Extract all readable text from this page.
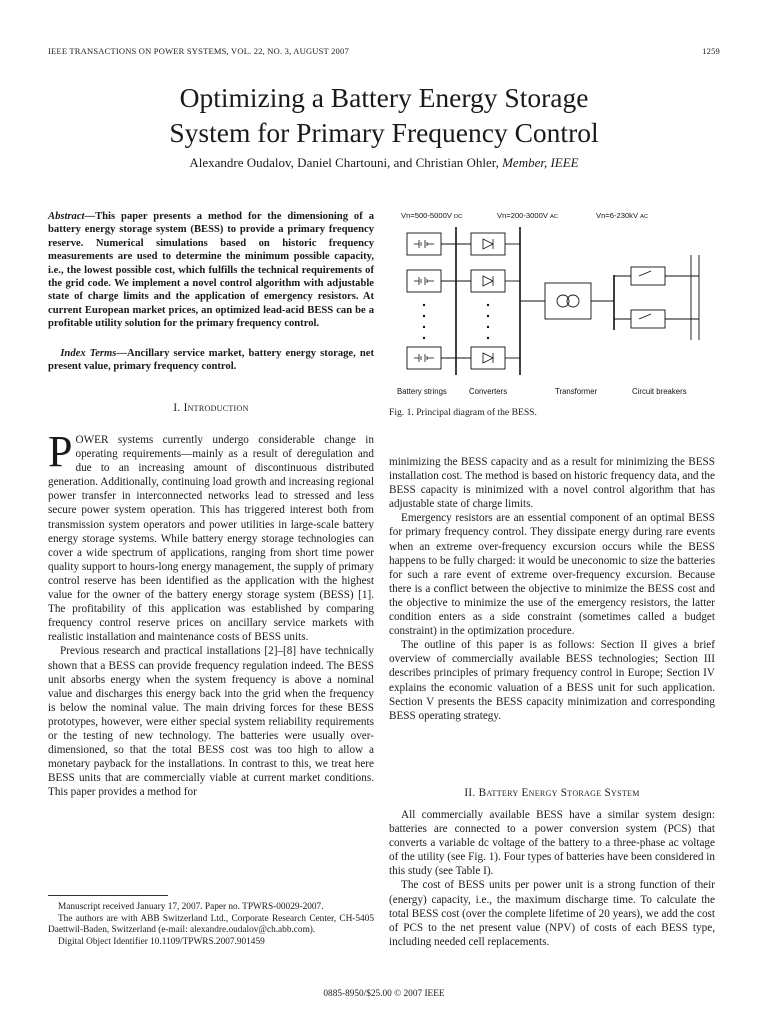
IEEE TRANSACTIONS ON POWER SYSTEMS, VOL. 22, NO. 3, AUGUST 2007	1259
Optimizing a Battery Energy Storage
System for Primary Frequency Control
Alexandre Oudalov, Daniel Chartouni, and Christian Ohler, Member, IEEE
Abstract—This paper presents a method for the dimensioning of a battery energy storage system (BESS) to provide a primary frequency reserve. Numerical simulations based on historic frequency measurements are used to determine the minimum possible capacity, i.e., the lowest possible cost, which fulfills the technical requirements of the grid code. We implement a novel control algorithm with adjustable state of charge limits and the application of emergency resistors. At current European market prices, an optimized lead-acid BESS can be a profitable utility solution for the primary frequency control.
Index Terms—Ancillary service market, battery energy storage, net present value, primary frequency control.
I. Introduction

POWER systems currently undergo considerable change in operating requirements—mainly as a result of deregulation and due to an increasing amount of discontinuous distributed generation. Additionally, continuing load growth and increasing regional power transfer in interconnected networks lead to stressed and less secure power system operation. This has triggered interest both from transmission system operators and power utilities in large-scale battery energy storage systems. While battery energy storage technologies can cover a wide spectrum of applications, ranging from short time power quality support to hours-long energy management, the supply of primary control reserve has been identified as the application with the highest value for the owner of the battery energy storage system (BESS) [1]. The profitability of this application was established by comparing frequency control reserve prices on ancillary service markets with realistic installation and maintenance costs of BESS units.

Previous research and practical installations [2]–[8] have technically shown that a BESS can provide frequency regulation indeed. The BESS unit absorbs energy when the system frequency is above a nominal value and discharges this energy back into the grid when the frequency is below the nominal value. The main driving forces for these BESS prototypes, however, were either special system reliability requirements or the testing of new technology. The batteries were usually over-dimensioned, so that the total BESS cost was too high to allow a monetary payback for the installations. In contrast to this, we treat here BESS units that are commercially viable at current market conditions. This paper provides a method for

Manuscript received January 17, 2007. Paper no. TPWRS-00029-2007.

The authors are with ABB Switzerland Ltd., Corporate Research Center, CH-5405 Daettwil-Baden, Switzerland (e-mail: alexandre.oudalov@ch.abb.com).

Digital Object Identifier 10.1109/TPWRS.2007.901459

Vn=500-5000V DC	Vn=200-3000V AC	Vn=6-230kV AC
Battery strings	Converters	Transformer	Circuit breakers
Fig. 1. Principal diagram of the BESS.

minimizing the BESS capacity and as a result for minimizing the BESS installation cost. The method is based on historic frequency data, and the BESS capacity is minimized with a novel control algorithm that has adjustable state of charge limits.

Emergency resistors are an essential component of an optimal BESS for primary frequency control. They dissipate energy during rare events when an extreme over-frequency excursion occurs while the BESS happens to be fully charged: it would be uneconomic to size the batteries for such a rare event of extreme over-frequency excursion. Because there is a conflict between the objective to minimize the BESS cost and the objective to minimize the use of the emergency resistors, the latter condition enters as a side constraint (sometimes called a budget constraint) in the optimization procedure.

The outline of this paper is as follows: Section II gives a brief overview of commercially available BESS technologies; Section III describes principles of primary frequency control in Europe; Section IV explains the economic valuation of a BESS unit for such application. Section V presents the BESS capacity minimization and corresponding BESS operating strategy.

II. Battery Energy Storage System

All commercially available BESS have a similar system design: batteries are connected to a power conversion system (PCS) that converts a variable dc voltage of the battery to a three-phase ac voltage of the utility (see Fig. 1). Four types of batteries have been considered in this study (see Table I).

The cost of BESS units per power unit is a strong function of their (energy) capacity, i.e., the maximum discharge time. To calculate the total BESS cost (over the complete lifetime of 20 years), we add the cost of PCS to the net present value (NPV) of costs of each BESS type, including needed cell replacements.

0885-8950/$25.00 © 2007 IEEE
